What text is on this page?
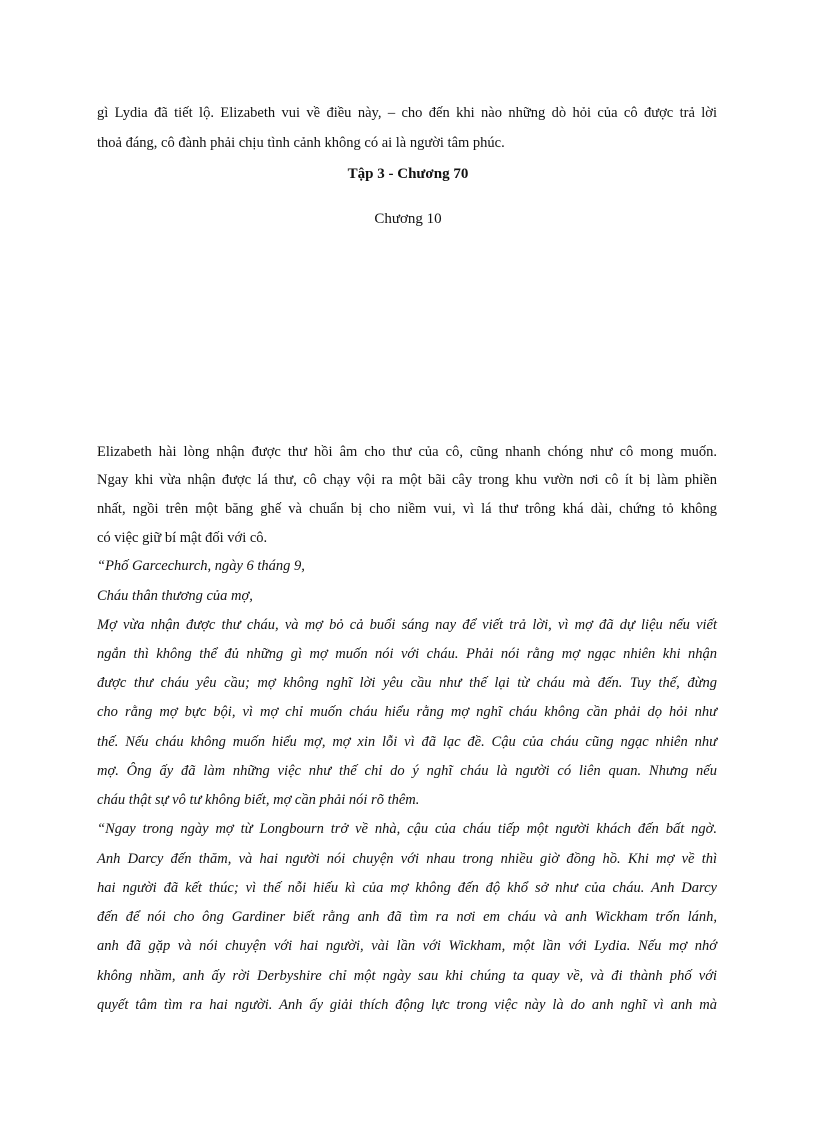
gì Lydia đã tiết lộ. Elizabeth vui về điều này, – cho đến khi nào những dò hỏi của cô được trả lời
thoả đáng, cô đành phải chịu tình cảnh không có ai là người tâm phúc.
Tập 3 - Chương 70
Chương 10
Elizabeth hài lòng nhận được thư hồi âm cho thư của cô, cũng nhanh chóng như cô mong muốn.
Ngay khi vừa nhận được lá thư, cô chạy vội ra một bãi cây trong khu vườn nơi cô ít bị làm phiền
nhất, ngồi trên một băng ghế và chuẩn bị cho niềm vui, vì lá thư trông khá dài, chứng tỏ không
có việc giữ bí mật đối với cô.
“Phố Garcechurch, ngày 6 tháng 9,
Cháu thân thương của mợ,
Mợ vừa nhận được thư cháu, và mợ bỏ cả buổi sáng nay để viết trả lời, vì mợ đã dự liệu nếu viết
ngắn thì không thể đủ những gì mợ muốn nói với cháu. Phải nói rằng mợ ngạc nhiên khi nhận
được thư cháu yêu cầu; mợ không nghĩ lời yêu cầu như thế lại từ cháu mà đến. Tuy thế, đừng
cho rằng mợ bực bội, vì mợ chỉ muốn cháu hiểu rằng mợ nghĩ cháu không cần phải dọ hỏi như
thế. Nếu cháu không muốn hiểu mợ, mợ xin lỗi vì đã lạc đề. Cậu của cháu cũng ngạc nhiên như
mợ. Ông ấy đã làm những việc như thế chỉ do ý nghĩ cháu là người có liên quan. Nhưng nếu
cháu thật sự vô tư không biết, mợ cần phải nói rõ thêm.
“Ngay trong ngày mợ từ Longbourn trở về nhà, cậu của cháu tiếp một người khách đến bất ngờ.
Anh Darcy đến thăm, và hai người nói chuyện với nhau trong nhiều giờ đồng hồ. Khi mợ về thì
hai người đã kết thúc; vì thế nỗi hiếu kì của mợ không đến độ khổ sở như của cháu. Anh Darcy
đến để nói cho ông Gardiner biết rằng anh đã tìm ra nơi em cháu và anh Wickham trốn lánh,
anh đã gặp và nói chuyện với hai người, vài lần với Wickham, một lần với Lydia. Nếu mợ nhớ
không nhầm, anh ấy rời Derbyshire chỉ một ngày sau khi chúng ta quay về, và đi thành phố với
quyết tâm tìm ra hai người. Anh ấy giải thích động lực trong việc này là do anh nghĩ vì anh mà
